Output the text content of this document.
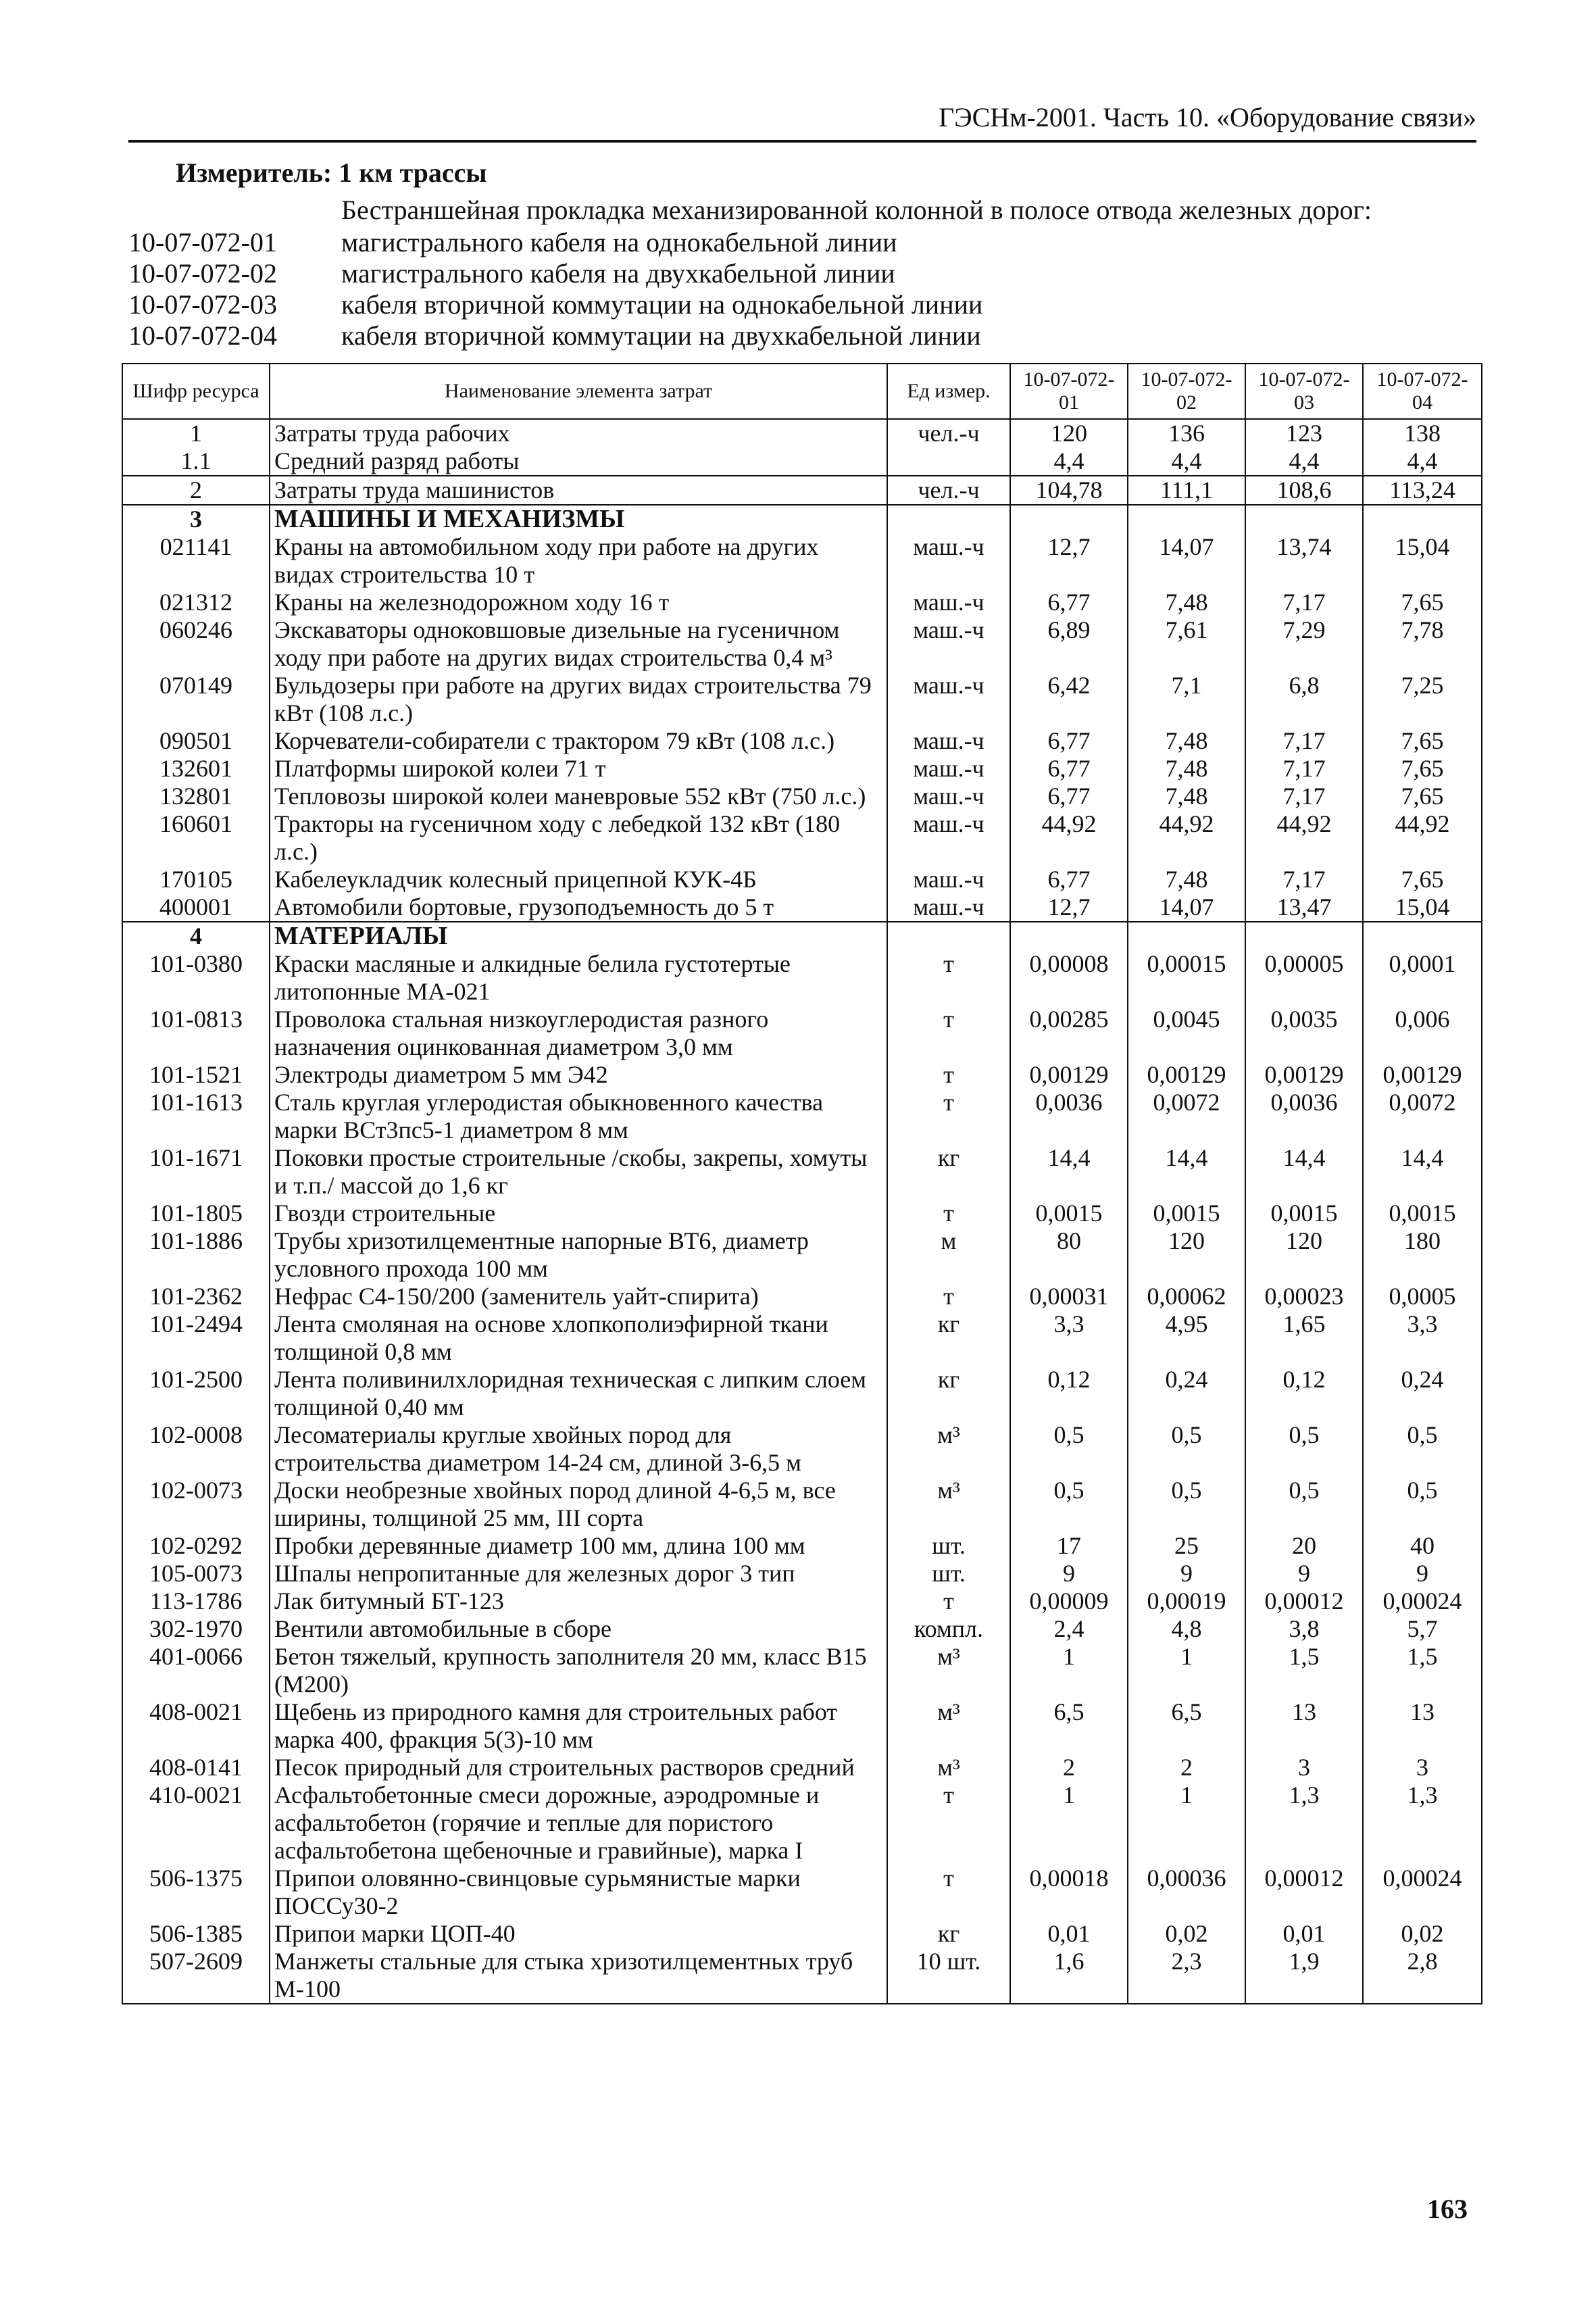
ГЭСНм-2001. Часть 10. «Оборудование связи»
Измеритель: 1 км трассы
Бестраншейная прокладка механизированной колонной в полосе отвода железных дорог:
10-07-072-01	магистрального кабеля на однокабельной линии
10-07-072-02	магистрального кабеля на двухкабельной линии
10-07-072-03	кабеля вторичной коммутации на однокабельной линии
10-07-072-04	кабеля вторичной коммутации на двухкабельной линии
Шифр ресурса	Наименование элемента затрат	Ед измер.	10-07-072-01	10-07-072-02	10-07-072-03	10-07-072-04
1	Затраты труда рабочих	чел.-ч	120	136	123	138
1.1	Средний разряд работы		4,4	4,4	4,4	4,4
2	Затраты труда машинистов	чел.-ч	104,78	111,1	108,6	113,24
3	МАШИНЫ И МЕХАНИЗМЫ					
021141	Краны на автомобильном ходу при работе на других видах строительства 10 т	маш.-ч	12,7	14,07	13,74	15,04
021312	Краны на железнодорожном ходу 16 т	маш.-ч	6,77	7,48	7,17	7,65
060246	Экскаваторы одноковшовые дизельные на гусеничном ходу при работе на других видах строительства 0,4 м³	маш.-ч	6,89	7,61	7,29	7,78
070149	Бульдозеры при работе на других видах строительства 79 кВт (108 л.с.)	маш.-ч	6,42	7,1	6,8	7,25
090501	Корчеватели-собиратели с трактором 79 кВт (108 л.с.)	маш.-ч	6,77	7,48	7,17	7,65
132601	Платформы широкой колеи 71 т	маш.-ч	6,77	7,48	7,17	7,65
132801	Тепловозы широкой колеи маневровые 552 кВт (750 л.с.)	маш.-ч	6,77	7,48	7,17	7,65
160601	Тракторы на гусеничном ходу с лебедкой 132 кВт (180 л.с.)	маш.-ч	44,92	44,92	44,92	44,92
170105	Кабелеукладчик колесный прицепной КУК-4Б	маш.-ч	6,77	7,48	7,17	7,65
400001	Автомобили бортовые, грузоподъемность до 5 т	маш.-ч	12,7	14,07	13,47	15,04
4	МАТЕРИАЛЫ					
101-0380	Краски масляные и алкидные белила густотертые литопонные МА-021	т	0,00008	0,00015	0,00005	0,0001
101-0813	Проволока стальная низкоуглеродистая разного назначения оцинкованная диаметром 3,0 мм	т	0,00285	0,0045	0,0035	0,006
101-1521	Электроды диаметром 5 мм Э42	т	0,00129	0,00129	0,00129	0,00129
101-1613	Сталь круглая углеродистая обыкновенного качества марки ВСт3пс5-1 диаметром 8 мм	т	0,0036	0,0072	0,0036	0,0072
101-1671	Поковки простые строительные /скобы, закрепы, хомуты и т.п./ массой до 1,6 кг	кг	14,4	14,4	14,4	14,4
101-1805	Гвозди строительные	т	0,0015	0,0015	0,0015	0,0015
101-1886	Трубы хризотилцементные напорные ВТ6, диаметр условного прохода 100 мм	м	80	120	120	180
101-2362	Нефрас С4-150/200 (заменитель уайт-спирита)	т	0,00031	0,00062	0,00023	0,0005
101-2494	Лента смоляная на основе хлопкополиэфирной ткани толщиной 0,8 мм	кг	3,3	4,95	1,65	3,3
101-2500	Лента поливинилхлоридная техническая с липким слоем толщиной 0,40 мм	кг	0,12	0,24	0,12	0,24
102-0008	Лесоматериалы круглые хвойных пород для строительства диаметром 14-24 см, длиной 3-6,5 м	м³	0,5	0,5	0,5	0,5
102-0073	Доски необрезные хвойных пород длиной 4-6,5 м, все ширины, толщиной 25 мм, III сорта	м³	0,5	0,5	0,5	0,5
102-0292	Пробки деревянные диаметр 100 мм, длина 100 мм	шт.	17	25	20	40
105-0073	Шпалы непропитанные для железных дорог 3 тип	шт.	9	9	9	9
113-1786	Лак битумный БТ-123	т	0,00009	0,00019	0,00012	0,00024
302-1970	Вентили автомобильные в сборе	компл.	2,4	4,8	3,8	5,7
401-0066	Бетон тяжелый, крупность заполнителя 20 мм, класс В15 (М200)	м³	1	1	1,5	1,5
408-0021	Щебень из природного камня для строительных работ марка 400, фракция 5(3)-10 мм	м³	6,5	6,5	13	13
408-0141	Песок природный для строительных растворов средний	м³	2	2	3	3
410-0021	Асфальтобетонные смеси дорожные, аэродромные и асфальтобетон (горячие и теплые для пористого асфальтобетона щебеночные и гравийные), марка I	т	1	1	1,3	1,3
506-1375	Припои оловянно-свинцовые сурьмянистые марки ПОССу30-2	т	0,00018	0,00036	0,00012	0,00024
506-1385	Припои марки ЦОП-40	кг	0,01	0,02	0,01	0,02
507-2609	Манжеты стальные для стыка хризотилцементных труб М-100	10 шт.	1,6	2,3	1,9	2,8
163
